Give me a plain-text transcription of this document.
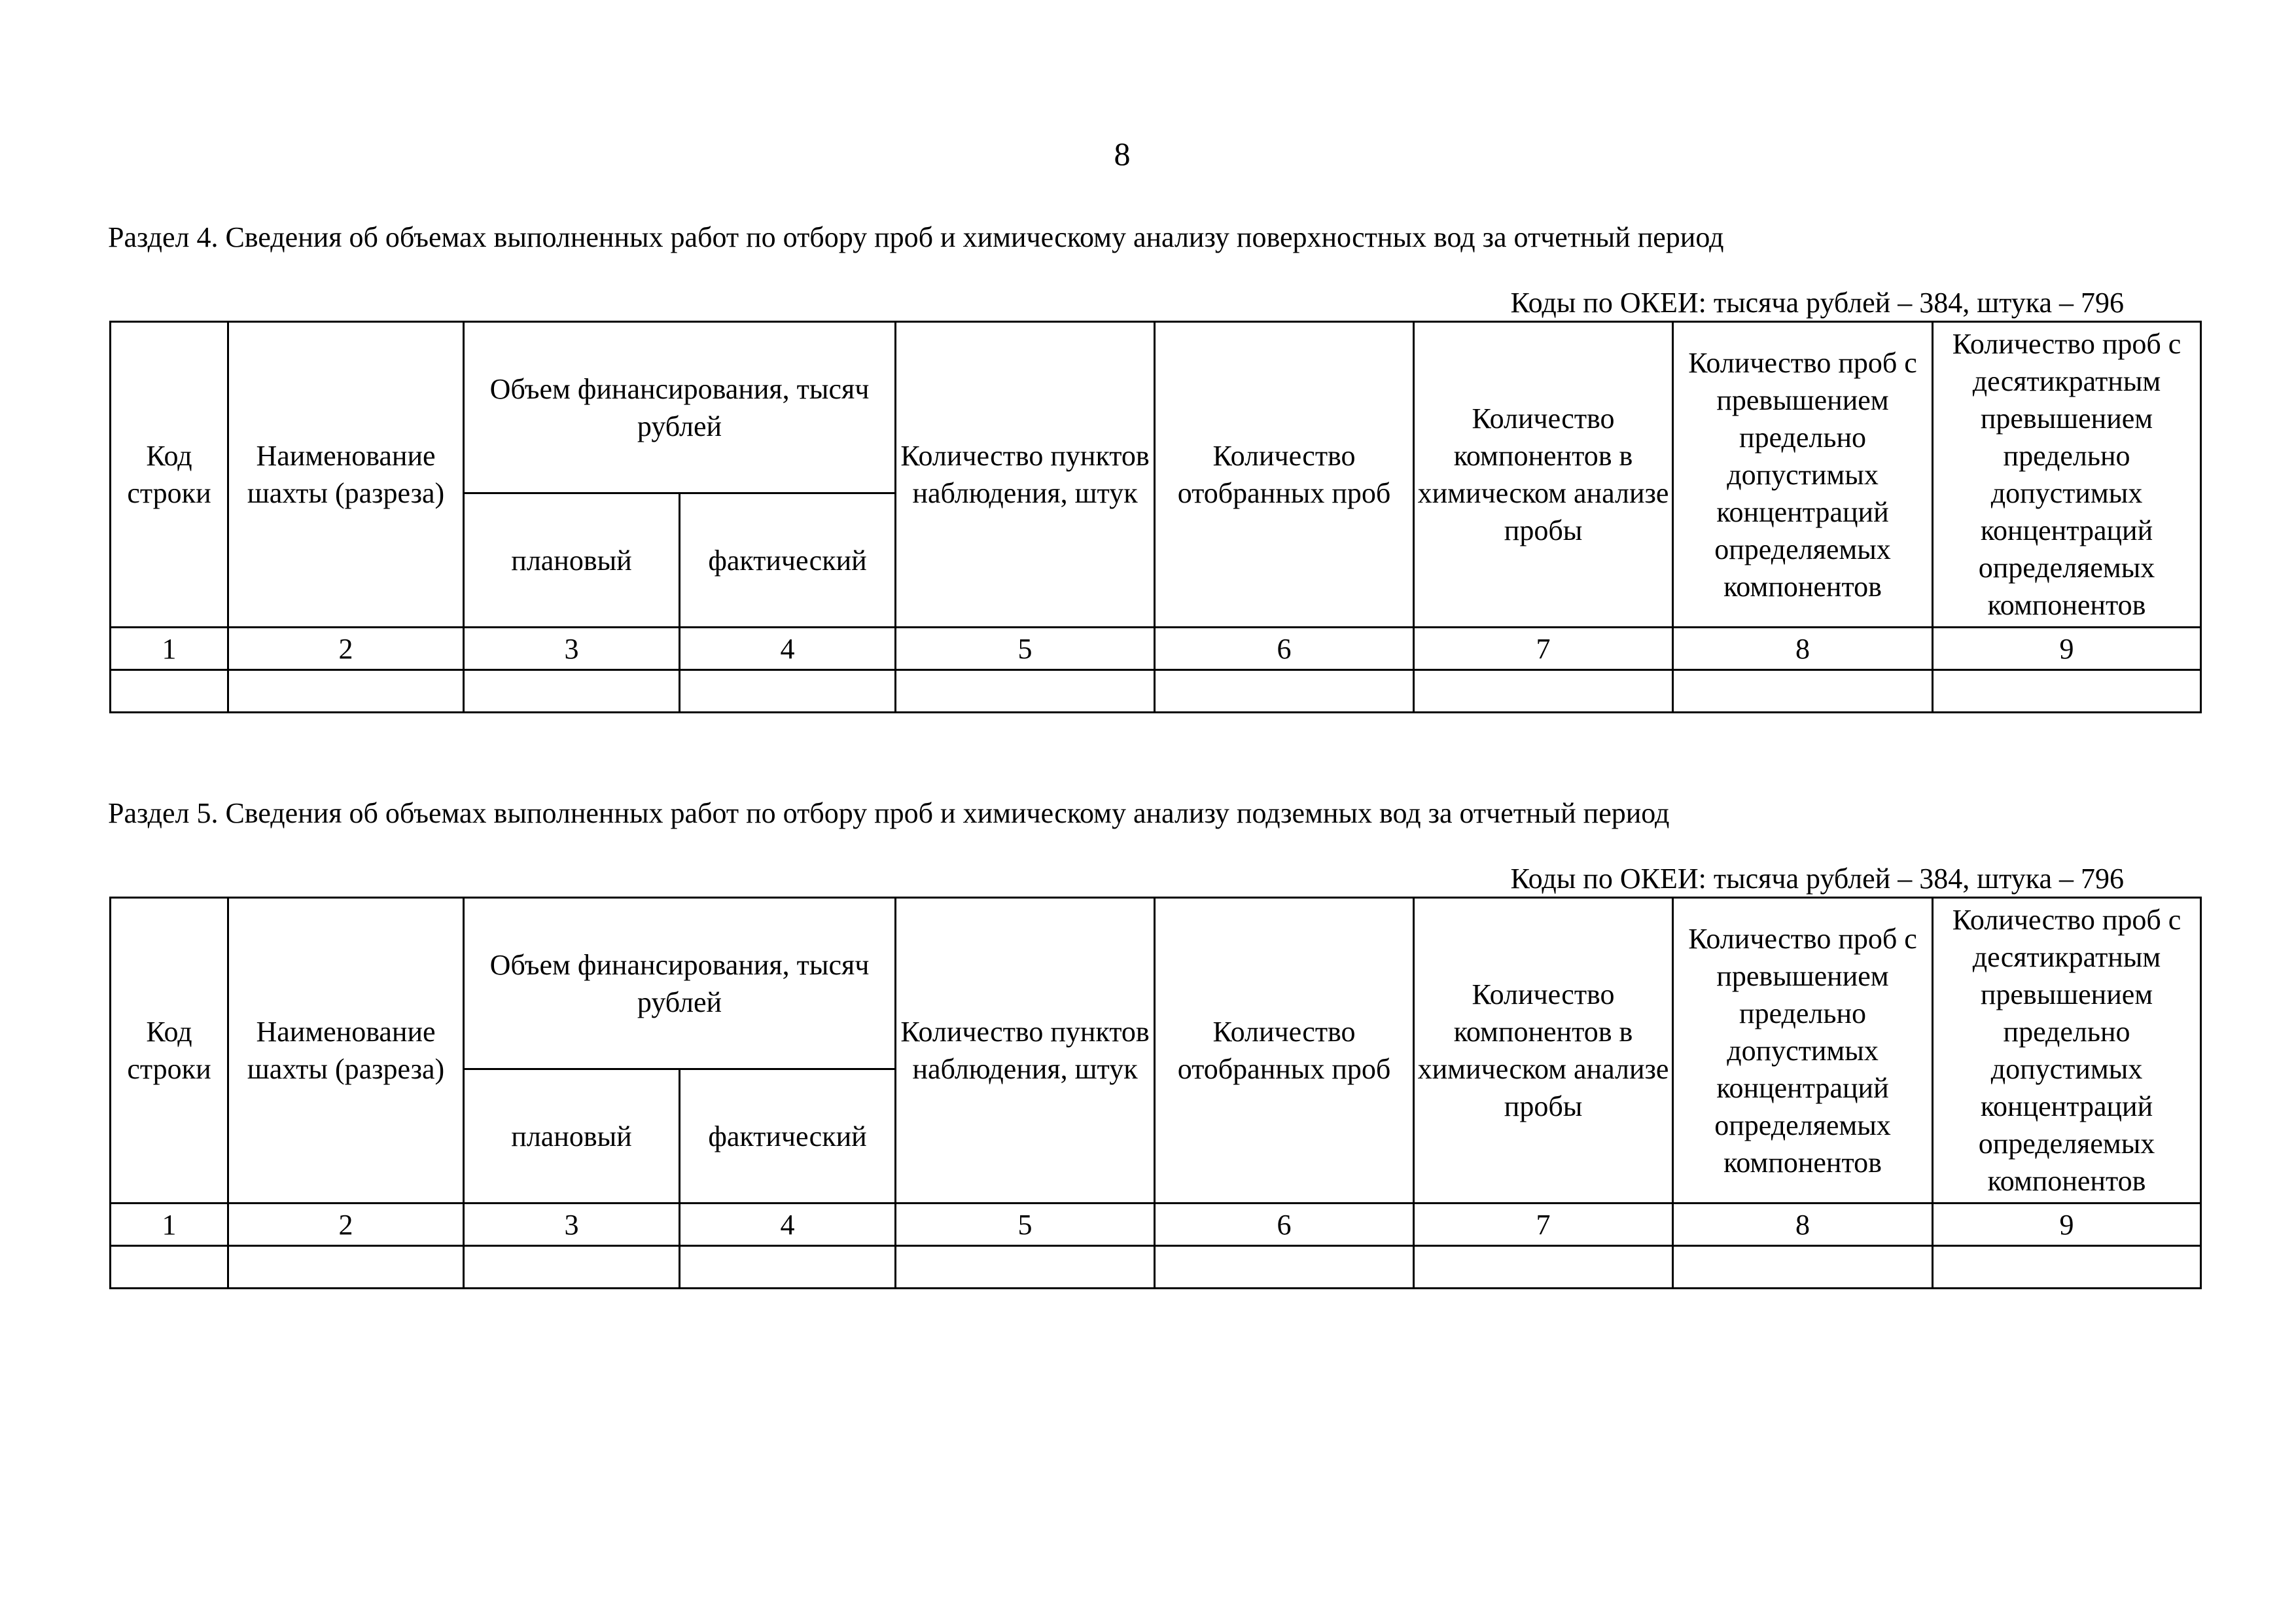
8
Раздел 4. Сведения об объемах выполненных работ по отбору проб и химическому анализу поверхностных вод за отчетный период
Коды по ОКЕИ: тысяча рублей – 384, штука – 796
Код строки	Наименование шахты (разреза)	Объем финансирования, тысяч рублей		Количество пунктов наблюдения, штук	Количество отобранных проб	Количество компонентов в химическом анализе пробы	Количество проб с превышением предельно допустимых концентраций определяемых компонентов	Количество проб с десятикратным превышением предельно допустимых концентраций определяемых компонентов
		плановый	фактический					
1	2	3	4	5	6	7	8	9

Раздел 5. Сведения об объемах выполненных работ по отбору проб и химическому анализу подземных вод за отчетный период
Коды по ОКЕИ: тысяча рублей – 384, штука – 796
Код строки	Наименование шахты (разреза)	Объем финансирования, тысяч рублей		Количество пунктов наблюдения, штук	Количество отобранных проб	Количество компонентов в химическом анализе пробы	Количество проб с превышением предельно допустимых концентраций определяемых компонентов	Количество проб с десятикратным превышением предельно допустимых концентраций определяемых компонентов
		плановый	фактический					
1	2	3	4	5	6	7	8	9
